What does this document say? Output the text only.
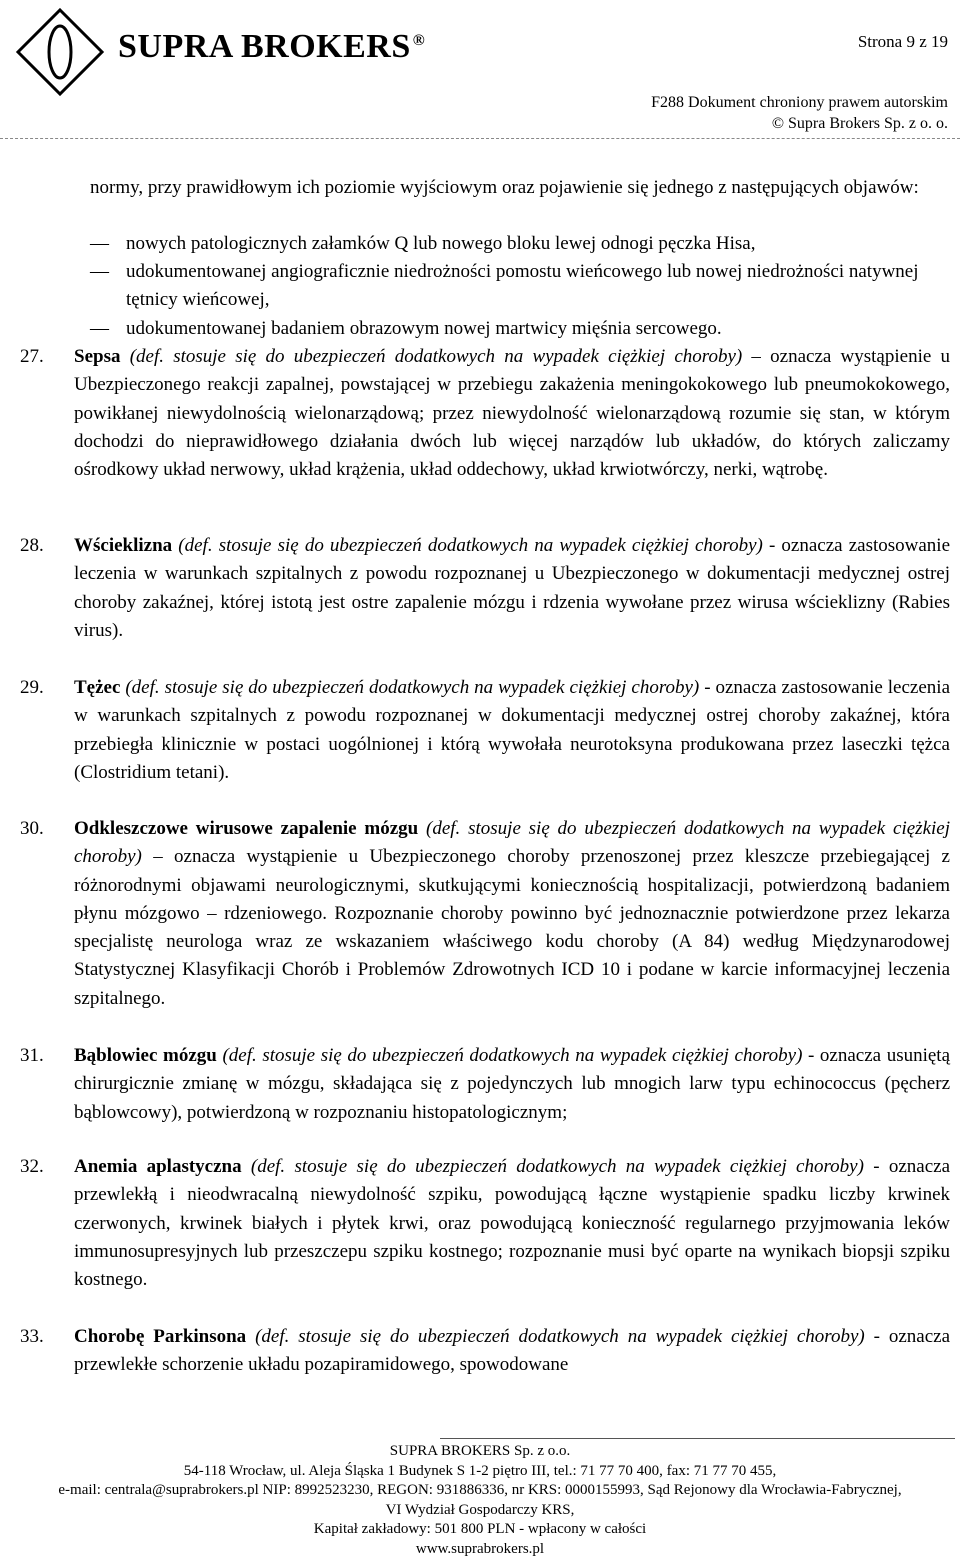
SUPRA BROKERS ®	Strona 9 z 19
F288 Dokument chroniony prawem autorskim
© Supra Brokers Sp. z o. o.
normy, przy prawidłowym ich poziomie wyjściowym oraz pojawienie się jednego z następujących objawów:
— nowych patologicznych załamków Q lub nowego bloku lewej odnogi pęczka Hisa,
— udokumentowanej angiograficznie niedrożności pomostu wieńcowego lub nowej niedrożności natywnej tętnicy wieńcowej,
— udokumentowanej badaniem obrazowym nowej martwicy mięśnia sercowego.
27. Sepsa (def. stosuje się do ubezpieczeń dodatkowych na wypadek ciężkiej choroby) – oznacza wystąpienie u Ubezpieczonego reakcji zapalnej, powstającej w przebiegu zakażenia meningokokowego lub pneumokokowego, powikłanej niewydolnością wielonarządową; przez niewydolność wielonarządową rozumie się stan, w którym dochodzi do nieprawidłowego działania dwóch lub więcej narządów lub układów, do których zaliczamy ośrodkowy układ nerwowy, układ krążenia, układ oddechowy, układ krwiotwórczy, nerki, wątrobę.
28. Wścieklizna (def. stosuje się do ubezpieczeń dodatkowych na wypadek ciężkiej choroby) - oznacza zastosowanie leczenia w warunkach szpitalnych z powodu rozpoznanej u Ubezpieczonego w dokumentacji medycznej ostrej choroby zakaźnej, której istotą jest ostre zapalenie mózgu i rdzenia wywołane przez wirusa wścieklizny (Rabies virus).
29. Tężec (def. stosuje się do ubezpieczeń dodatkowych na wypadek ciężkiej choroby) - oznacza zastosowanie leczenia w warunkach szpitalnych z powodu rozpoznanej w dokumentacji medycznej ostrej choroby zakaźnej, która przebiegła klinicznie w postaci uogólnionej i którą wywołała neurotoksyna produkowana przez laseczki tężca (Clostridium tetani).
30. Odkleszczowe wirusowe zapalenie mózgu (def. stosuje się do ubezpieczeń dodatkowych na wypadek ciężkiej choroby) – oznacza wystąpienie u Ubezpieczonego choroby przenoszonej przez kleszcze przebiegającej z różnorodnymi objawami neurologicznymi, skutkującymi koniecznością hospitalizacji, potwierdzoną badaniem płynu mózgowo – rdzeniowego. Rozpoznanie choroby powinno być jednoznacznie potwierdzone przez lekarza specjalistę neurologa wraz ze wskazaniem właściwego kodu choroby (A 84) według Międzynarodowej Statystycznej Klasyfikacji Chorób i Problemów Zdrowotnych ICD 10 i podane w karcie informacyjnej leczenia szpitalnego.
31. Bąblowiec mózgu (def. stosuje się do ubezpieczeń dodatkowych na wypadek ciężkiej choroby) - oznacza usuniętą chirurgicznie zmianę w mózgu, składająca się z pojedynczych lub mnogich larw typu echinococcus (pęcherz bąblowcowy), potwierdzoną w rozpoznaniu histopatologicznym;
32. Anemia aplastyczna (def. stosuje się do ubezpieczeń dodatkowych na wypadek ciężkiej choroby) - oznacza przewlekłą i nieodwracalną niewydolność szpiku, powodującą łączne wystąpienie spadku liczby krwinek czerwonych, krwinek białych i płytek krwi, oraz powodującą konieczność regularnego przyjmowania leków immunosupresyjnych lub przeszczepu szpiku kostnego; rozpoznanie musi być oparte na wynikach biopsji szpiku kostnego.
33. Chorobę Parkinsona (def. stosuje się do ubezpieczeń dodatkowych na wypadek ciężkiej choroby) - oznacza przewlekłe schorzenie układu pozapiramidowego, spowodowane
SUPRA BROKERS Sp. z o.o.
54-118 Wrocław, ul. Aleja Śląska 1 Budynek S 1-2 piętro III, tel.: 71 77 70 400, fax: 71 77 70 455,
e-mail: centrala@suprabrokers.pl NIP: 8992523230, REGON: 931886336, nr KRS: 0000155993, Sąd Rejonowy dla Wrocławia-Fabrycznej,
VI Wydział Gospodarczy KRS,
Kapitał zakładowy: 501 800 PLN - wpłacony w całości
www.suprabrokers.pl
